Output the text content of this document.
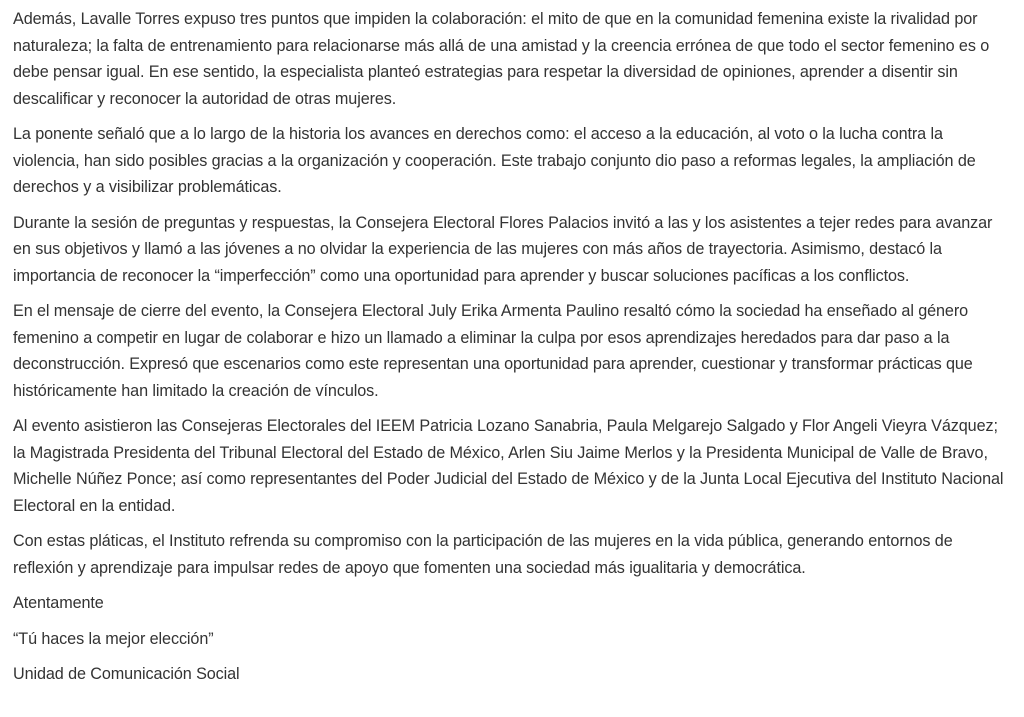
Además, Lavalle Torres expuso tres puntos que impiden la colaboración: el mito de que en la comunidad femenina existe la rivalidad por naturaleza; la falta de entrenamiento para relacionarse más allá de una amistad y la creencia errónea de que todo el sector femenino es o debe pensar igual. En ese sentido, la especialista planteó estrategias para respetar la diversidad de opiniones, aprender a disentir sin descalificar y reconocer la autoridad de otras mujeres.

La ponente señaló que a lo largo de la historia los avances en derechos como: el acceso a la educación, al voto o la lucha contra la violencia, han sido posibles gracias a la organización y cooperación. Este trabajo conjunto dio paso a reformas legales, la ampliación de derechos y a visibilizar problemáticas.

Durante la sesión de preguntas y respuestas, la Consejera Electoral Flores Palacios invitó a las y los asistentes a tejer redes para avanzar en sus objetivos y llamó a las jóvenes a no olvidar la experiencia de las mujeres con más años de trayectoria. Asimismo, destacó la importancia de reconocer la “imperfección” como una oportunidad para aprender y buscar soluciones pacíficas a los conflictos.

En el mensaje de cierre del evento, la Consejera Electoral July Erika Armenta Paulino resaltó cómo la sociedad ha enseñado al género femenino a competir en lugar de colaborar e hizo un llamado a eliminar la culpa por esos aprendizajes heredados para dar paso a la deconstrucción. Expresó que escenarios como este representan una oportunidad para aprender, cuestionar y transformar prácticas que históricamente han limitado la creación de vínculos.

Al evento asistieron las Consejeras Electorales del IEEM Patricia Lozano Sanabria, Paula Melgarejo Salgado y Flor Angeli Vieyra Vázquez; la Magistrada Presidenta del Tribunal Electoral del Estado de México, Arlen Siu Jaime Merlos y la Presidenta Municipal de Valle de Bravo, Michelle Núñez Ponce; así como representantes del Poder Judicial del Estado de México y de la Junta Local Ejecutiva del Instituto Nacional Electoral en la entidad.

Con estas pláticas, el Instituto refrenda su compromiso con la participación de las mujeres en la vida pública, generando entornos de reflexión y aprendizaje para impulsar redes de apoyo que fomenten una sociedad más igualitaria y democrática.

Atentamente

“Tú haces la mejor elección”

Unidad de Comunicación Social
